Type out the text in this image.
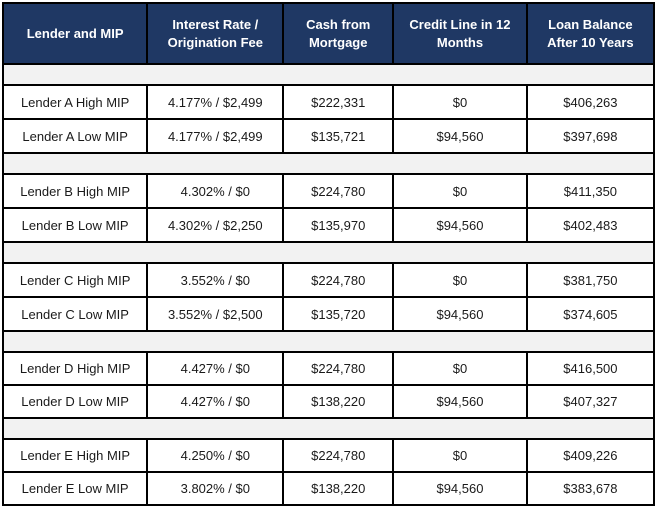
Lender and MIP	Interest Rate / Origination Fee	Cash from Mortgage	Credit Line in 12 Months	Loan Balance After 10 Years

Lender A High MIP	4.177% / $2,499	$222,331	$0	$406,263
Lender A Low MIP	4.177% / $2,499	$135,721	$94,560	$397,698

Lender B High MIP	4.302% / $0	$224,780	$0	$411,350
Lender B Low MIP	4.302% / $2,250	$135,970	$94,560	$402,483

Lender C High MIP	3.552% / $0	$224,780	$0	$381,750
Lender C Low MIP	3.552% / $2,500	$135,720	$94,560	$374,605

Lender D High MIP	4.427% / $0	$224,780	$0	$416,500
Lender D Low MIP	4.427% / $0	$138,220	$94,560	$407,327

Lender E High MIP	4.250% / $0	$224,780	$0	$409,226
Lender E Low MIP	3.802% / $0	$138,220	$94,560	$383,678
